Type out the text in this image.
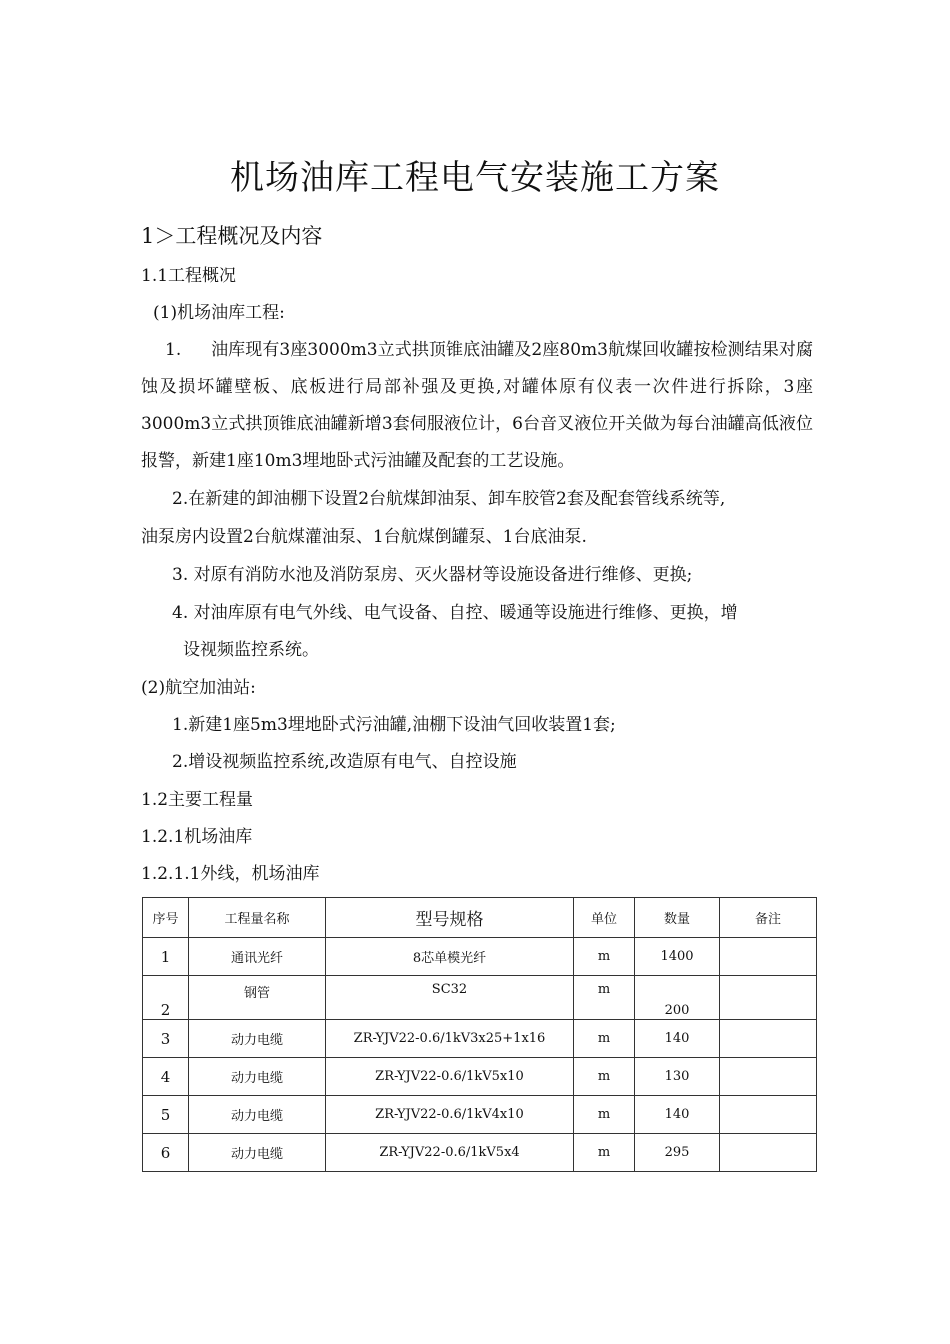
机场油库工程电气安装施工方案
1＞工程概况及内容
1.1工程概况
(1)机场油库工程:
1. 油库现有3座3000m3立式拱顶锥底油罐及2座80m3航煤回收罐按检测结果对腐蚀及损坏罐壁板、底板进行局部补强及更换,对罐体原有仪表一次件进行拆除，3座3000m3立式拱顶锥底油罐新增3套伺服液位计，6台音叉液位开关做为每台油罐高低液位报警，新建1座10m3埋地卧式污油罐及配套的工艺设施。
2.在新建的卸油棚下设置2台航煤卸油泵、卸车胶管2套及配套管线系统等,
油泵房内设置2台航煤灌油泵、1台航煤倒罐泵、1台底油泵.
3. 对原有消防水池及消防泵房、灭火器材等设施设备进行维修、更换;
4. 对油库原有电气外线、电气设备、自控、暖通等设施进行维修、更换，增
设视频监控系统。
(2)航空加油站:
1.新建1座5m3埋地卧式污油罐,油棚下设油气回收装置1套;
2.增设视频监控系统,改造原有电气、自控设施
1.2主要工程量
1.2.1机场油库
1.2.1.1外线，机场油库
序号	工程量名称	型号规格	单位	数量	备注
1	通讯光纤	8芯单模光纤	m	1400	
2	钢管	SC32	m	200	
3	动力电缆	ZR-YJV22-0.6/1kV3x25+1x16	m	140	
4	动力电缆	ZR-YJV22-0.6/1kV5x10	m	130	
5	动力电缆	ZR-YJV22-0.6/1kV4x10	m	140	
6	动力电缆	ZR-YJV22-0.6/1kV5x4	m	295	
